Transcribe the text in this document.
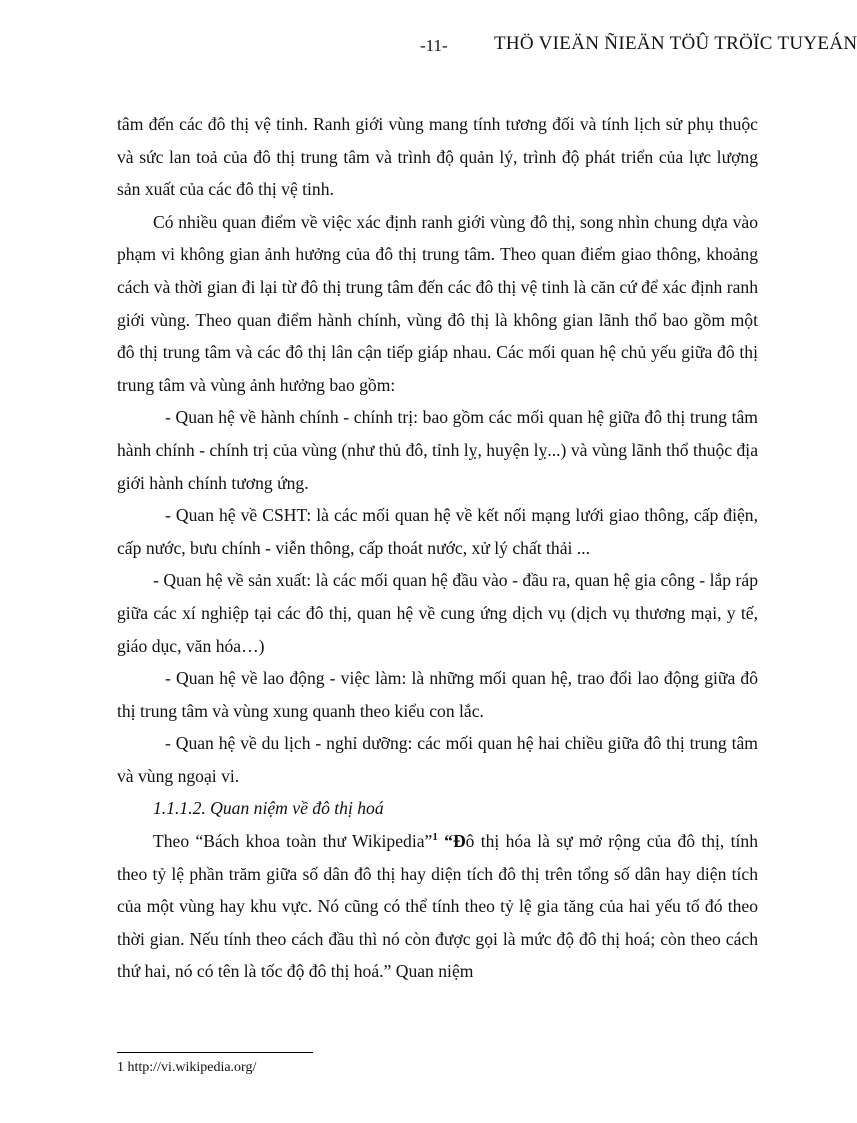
-11- THÖ VIEÄN ÑIEÄN TÖÛ TRÖÏC TUYEÁN

tâm đến các đô thị vệ tinh. Ranh giới vùng mang tính tương đối và tính lịch sử phụ thuộc và sức lan toả của đô thị trung tâm và trình độ quản lý, trình độ phát triển của lực lượng sản xuất của các đô thị vệ tinh.

Có nhiều quan điểm về việc xác định ranh giới vùng đô thị, song nhìn chung dựa vào phạm vi không gian ảnh hưởng của đô thị trung tâm. Theo quan điểm giao thông, khoảng cách và thời gian đi lại từ đô thị trung tâm đến các đô thị vệ tinh là căn cứ để xác định ranh giới vùng. Theo quan điểm hành chính, vùng đô thị là không gian lãnh thổ bao gồm một đô thị trung tâm và các đô thị lân cận tiếp giáp nhau. Các mối quan hệ chủ yếu giữa đô thị trung tâm và vùng ảnh hưởng bao gồm:

- Quan hệ về hành chính - chính trị: bao gồm các mối quan hệ giữa đô thị trung tâm hành chính - chính trị của vùng (như thủ đô, tỉnh lỵ, huyện lỵ...) và vùng lãnh thổ thuộc địa giới hành chính tương ứng.

- Quan hệ về CSHT: là các mối quan hệ về kết nối mạng lưới giao thông, cấp điện, cấp nước, bưu chính - viễn thông, cấp thoát nước, xử lý chất thải ...

- Quan hệ về sản xuất: là các mối quan hệ đầu vào - đầu ra, quan hệ gia công - lắp ráp giữa các xí nghiệp tại các đô thị, quan hệ về cung ứng dịch vụ (dịch vụ thương mại, y tế, giáo dục, văn hóa…)

- Quan hệ về lao động - việc làm: là những mối quan hệ, trao đổi lao động giữa đô thị trung tâm và vùng xung quanh theo kiểu con lắc.

- Quan hệ về du lịch - nghỉ dưỡng: các mối quan hệ hai chiều giữa đô thị trung tâm và vùng ngoại vi.

1.1.1.2. Quan niệm về đô thị hoá

Theo “Bách khoa toàn thư Wikipedia”$^1$ “Đô thị hóa là sự mở rộng của đô thị, tính theo tỷ lệ phần trăm giữa số dân đô thị hay diện tích đô thị trên tổng số dân hay diện tích của một vùng hay khu vực. Nó cũng có thể tính theo tỷ lệ gia tăng của hai yếu tố đó theo thời gian. Nếu tính theo cách đầu thì nó còn được gọi là mức độ đô thị hoá; còn theo cách thứ hai, nó có tên là tốc độ đô thị hoá.” Quan niệm

1 http://vi.wikipedia.org/
